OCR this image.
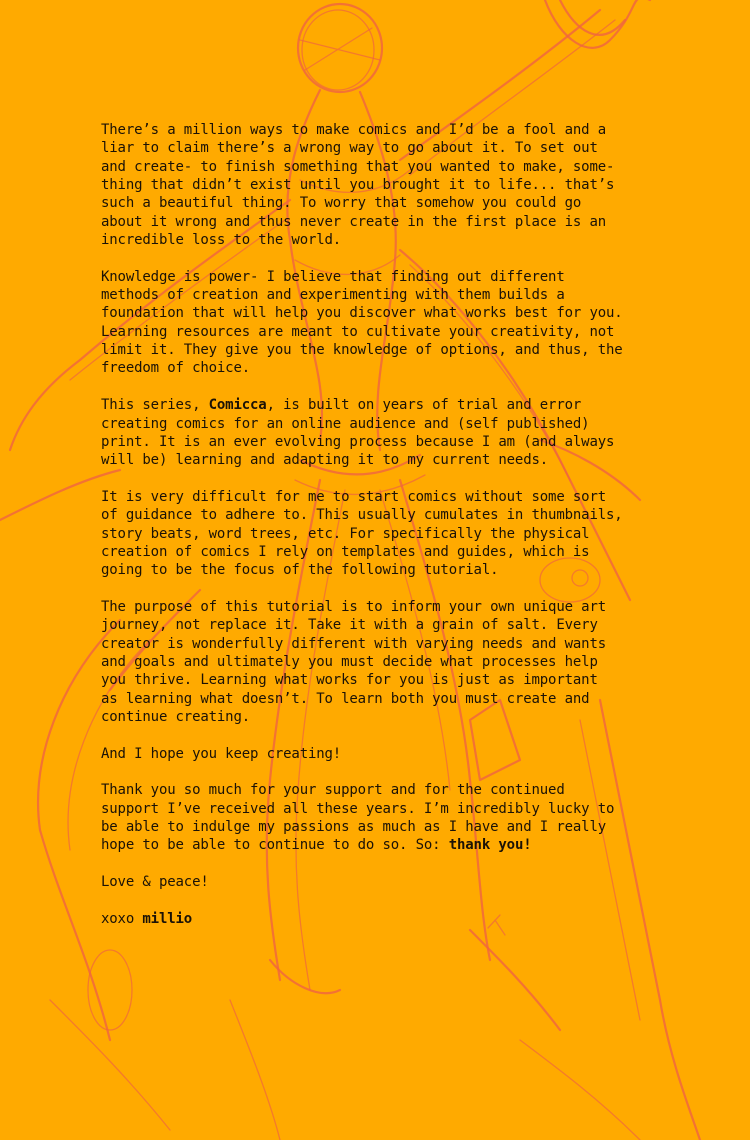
There’s a million ways to make comics and I’d be a fool and a
liar to claim there’s a wrong way to go about it. To set out
and create- to finish something that you wanted to make, some-
thing that didn’t exist until you brought it to life... that’s
such a beautiful thing. To worry that somehow you could go
about it wrong and thus never create in the first place is an
incredible loss to the world.

Knowledge is power- I believe that finding out different
methods of creation and experimenting with them builds a
foundation that will help you discover what works best for you.
Learning resources are meant to cultivate your creativity, not
limit it. They give you the knowledge of options, and thus, the
freedom of choice.

This series, Comicca, is built on years of trial and error
creating comics for an online audience and (self published)
print. It is an ever evolving process because I am (and always
will be) learning and adapting it to my current needs.

It is very difficult for me to start comics without some sort
of guidance to adhere to. This usually cumulates in thumbnails,
story beats, word trees, etc. For specifically the physical
creation of comics I rely on templates and guides, which is
going to be the focus of the following tutorial.

The purpose of this tutorial is to inform your own unique art
journey, not replace it. Take it with a grain of salt. Every
creator is wonderfully different with varying needs and wants
and goals and ultimately you must decide what processes help
you thrive. Learning what works for you is just as important
as learning what doesn’t. To learn both you must create and
continue creating.

And I hope you keep creating!

Thank you so much for your support and for the continued
support I’ve received all these years. I’m incredibly lucky to
be able to indulge my passions as much as I have and I really
hope to be able to continue to do so. So: thank you!

Love & peace!

xoxo millio
